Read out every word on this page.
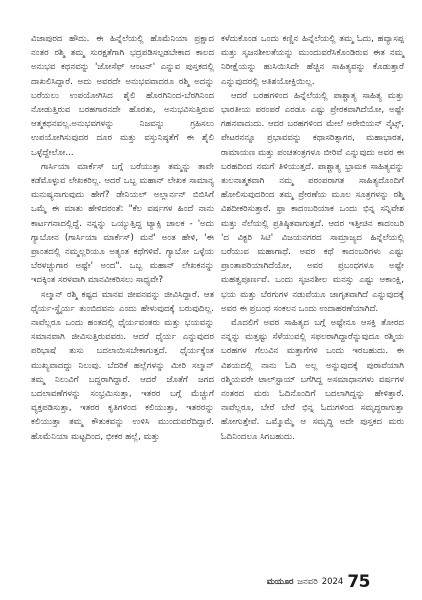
ವಿಜಾಪುರದ ಹೌದು. ಈ ಹಿನ್ನೆಲೆಯಲ್ಲಿ ಹೊಮೆನಿಯಾ ಪ್ರಕ್ಷಾದ ನಂತರ ರಶ್ಮಿ ತಮ್ಮ ಸುರಕ್ಷತೆಗಾಗಿ ಭದ್ರಪಡಿಸಲ್ಪಡಬೇಕಾದ ಕಾಲದ ಅನುಭವ ಕಥನವನ್ನು 'ಜೋಸೆಫ್ ಆಂಟನ್' ಎನ್ನುವ ಪುಸ್ತಕದಲ್ಲಿ ದಾಖಲಿಸಿದ್ದಾರೆ. ಅದು ಅವರದೇ ಅನುಭವವಾದರೂ ರಶ್ಮಿ ಅದನ್ನು ಬರೆಯಲು ಉಪಯೋಗಿಸಿದ ಶೈಲಿ ಹೊರಗಿನಿಂದ-ಬೆರಗಿನಿಂದ ನೋಡುತ್ತಿರುವ ಬರಹಗಾರನದೇ ಹೊರತು, ಅನುಭವಿಸುತ್ತಿರುವ ಆತ್ಮಕಥನವಲ್ಲ.ಅನುಭವಗಳನ್ನು ನಿಜವನ್ನು ಗ್ರಹಿಸಲು ಉಪಯೋಗಿಸುವುದರ ದೂರ ಮತ್ತು ವಸ್ತುನಿಷ್ಠತೆಗೆ ಈ ಶೈಲಿ ಒಳ್ಳೆದ್ದೇಲೋ...

ಗಾರ್ಸಿಯಾ ಮಾರ್ಕೆಸ್ ಬಗ್ಗೆ ಬರೆಯುತ್ತಾ ತಮ್ಮನ್ನು ತಾವೇ ಕಡೆಮೊಳ್ಳುವ ಲೇಖಕರಿಲ್ಲ. ಆದರೆ ಒಬ್ಬ ಮಹಾನ್ ಲೇಖಕ ಸಾಮಾನ್ಯ ಮನುಷ್ಯನಾಗುವುದು ಹೇಗೆ? ಡೇನಿಯಲ್ ಅಲ್ಲಾರ್ನನ್ ಬಿಬಿಸಿಗೆ ಒಮ್ಮೆ ಈ ಮಾತು ಹೇಳಿದರಂತೆ: "ಕೆಲ ವರ್ಷಗಳ ಹಿಂದೆ ನಾನು ಕಾರ್ಟಗನಾದಲ್ಲಿದ್ದೆ. ನನ್ನನ್ನು ಒಯ್ಯುತ್ತಿದ್ದ ಟ್ಯಾಕ್ಸಿ ಚಾಲಕ - 'ಅದು ಗ್ಯಾಬೋನ (ಗಾರ್ಸಿಯಾ ಮಾರ್ಕೆಸ್) ಮನೆ' ಅಂತ ಹೇಳಿ, 'ಈ ಪ್ರಾಂತದಲ್ಲಿ ನಮ್ಮಲ್ಲರಿಯೂ ಅತ್ಯಂತ ಕಥೆಗಳಿವೆ. ಗ್ಯಾಬೋ ಒಳ್ಳೆಯ ಬೆರಳಚ್ಚುಗಾರ ಅಷ್ಟೇ' ಅಂದ". ಒಬ್ಬ ಮಹಾನ್ ಲೇಖಕನನ್ನು ಇದಕ್ಕಿಂತ ಸರಳವಾಗಿ ಮಾನವೀಕರಿಸಲು ಸಾಧ್ಯವೇ?

ಸಲ್ಮಾನ್ ರಶ್ಮಿ ಕಷ್ಟದ ಮಾನವ ಜೀವನವನ್ನು ಜೀವಿಸಿದ್ದಾರೆ. ಆತ ಧೈರ್ಯ-ಸ್ಥೈರ್ಯ ತುಂಬಿದವನು ಎಂದು ಹೇಳುವುದಕ್ಕೆ ಬರುವುದಿಲ್ಲ. ನಾವೆಲ್ಲರೂ ಒಂದು ಹಂತದಲ್ಲಿ ಧೈರ್ಯವಂತರು ಮತ್ತು ಭಯವನ್ನು ಸಮಾನವಾಗಿ ಜೀವಿಸುತ್ತಿರುವವರು. ಆದರೆ ಧೈರ್ಯ ಎನ್ನುವುದರ ಪರಿಭಾಷೆ ತುಸು ಬದಲಾಯಿಸಬೇಕಾಗುತ್ತದೆ. ಧೈರ್ಯಕ್ಕೆಂತ ಮುಖ್ಯವಾದದ್ದು ನಿಲುವು. ಬೆದರಿಕೆ ಹಲ್ಲೆಗಳನ್ನು ಮೀರಿ ಸಲ್ಮಾನ್ ತಮ್ಮ ನಿಲುವಿಗೆ ಬದ್ಧರಾಗಿದ್ದಾರೆ. ಆದರೆ ಜೊತೆಗೆ ಜಗದ ಬದಲಾವಣೆಗಳನ್ನು ಸಂಭ್ರಮಿಸುತ್ತಾ, ಇತರರ ಬಗ್ಗೆ ಮೆಚ್ಚುಗೆ ವ್ಯಕ್ತಪಡಿಸುತ್ತಾ, ಇತರರ ಕೃತಿಗಳಿಂದ ಕಲಿಯುತ್ತಾ, ಇತರರನ್ನು ಕಲಿಯುತ್ತಾ ತಮ್ಮ ಕೌತುಕವನ್ನು ಉಳಿಸಿ ಮುಂದುವರೆದಿದ್ದಾರೆ. ಹೊಮೆನಿಯಾ ಮಟ್ಟದಿಂದ, ಭೀಕರ ಹಲ್ಲೆ, ಮತ್ತು

ಕಳೆದುಕೊಂಡ ಒಂದು ಕಣ್ಣಿನ ಹಿನ್ನೆಲೆಯಲ್ಲಿ ತಮ್ಮ ಓದು, ಹವ್ಯಾಸಪ್ಪ ಮತ್ತು ಸೃಜನಶೀಲತೆಯನ್ನು ಮುಂದುವರೆಸಿಕೊಂಡಿರುವ ಈತ ನಮ್ಮ ನಿರೀಕ್ಷೆಯನ್ನು ಹುಸಿಯಿಸಿದೇ ಹೆಚ್ಚಿನ ಸಾಹಿತ್ಯವನ್ನು ಕೊಡುತ್ತಾರೆ ಎನ್ನುವುದರಲ್ಲಿ ಅತಿಶಯೋಕ್ತಿಯಿಲ್ಲ.

ಆದರೆ ಬರಹಗಳಿಂದ ಹಿನ್ನೆಲೆಯಲ್ಲಿ ಪಾಶ್ಚಾತ್ಯ ಸಾಹಿತ್ಯ ಮತ್ತು ಭಾರತೀಯ ಪರಂಪರೆ ಎರಡೂ ಎಷ್ಟು ಪ್ರೇರಕವಾಗಿದೆಯೋ, ಅಷ್ಟೇ ಗಹನವಾದುದು. ಆದರ ಬರಹಗಳಿಂದ ಮೇಲೆ ಅರೇಬಿಯನ್ ನೈಟ್ಸ್, ಪೇಟರನನ್ನೂ ಪ್ರಭಾವವನ್ನು ಕಥಾಸರಿತ್ಸಾಗರ, ಮಹಾಭಾರತ, ರಾಮಾಯಣ ಮತ್ತು ಪಂಚತಂತ್ರಗಳೂ ಬೀರಿವೆ ಎನ್ನುವುದು ಅವರ ಈ ಬರಹದಿಂದ ನಮಗೆ ತಿಳಿಯುತ್ತದೆ. ಪಾಶ್ಚಾತ್ಯ ಭ್ರಾಮಕ ಸಾಹಿತ್ಯವನ್ನು ತುಲನಾತ್ಮಕವಾಗಿ ನಮ್ಮ ಪರಂಪರಾಗತ ಸಾಹಿತ್ಯದೊಂದಿಗೆ ಹೋಲಿಸುವುದರಿಂದ ತಮ್ಮ ಪ್ರೇರಣೆಯ ಮೂಲ ಸೂತ್ರಗಳನ್ನು ರಶ್ಮಿ ವಿಶದೀಕರಿಸುತ್ತಾರೆ. ಫ್ರಾ ಕಾದಂಬರಿಯಾಕ ಒಂದು ಭಿನ್ನ ಸನ್ನಿವೇಶ ಮತ್ತು ನೆಲೆಯಲ್ಲಿ ಪ್ರತಿಷ್ಠಿತವಾಗುತ್ತದೆ. ಆದರ ಇತ್ತೀಚಿನ ಕಾದಂಬರಿ 'ದ ವಿಕ್ಟರಿ ಸಿಟಿ' ವಿಜಯನಗರದ ಸಾಮ್ರಾಜ್ಯದ ಹಿನ್ನೆಲೆಯಲ್ಲಿ ಬರೆಯುವ ಮಹಾಗಾಥೆ. ಅವರ ಕಥೆ ಕಾದಂಬರಿಗಳು ಎಷ್ಟು ಪ್ರಾಂತಾಪರಿಯಾಗಿದೆಯೋ, ಅವರ ಪ್ರಬಂಧಗಳೂ ಅಷ್ಟೇ ಮಹತ್ವಪೂರ್ಣವೆ. ಒಂದು ಸೃಜನಶೀಲ ಮನಸ್ಸು ಎಷ್ಟು ಆಕಾಂಕ್ಷಿ, ಭಯ ಮತ್ತು ಬೆರಗುಗಳ ನಡುವೆಯೂ ಜಾಗೃತವಾಗಿದೆ ಎನ್ನುವುದಕ್ಕೆ ಅವರ ಈ ಪ್ರಬಂಧ ಸಂಕಲನ ಒಂದು ಉದಾಹರಣೆಯಾಗಿದೆ.

ಮೊದಲಿಗೆ ಅವರ ಸಾಹಿತ್ಯದ ಬಗ್ಗೆ ಅಷ್ಟೇನೂ ಆಸಕ್ತಿ ತೋರದ ನನ್ನನ್ನು ಮತ್ತಷ್ಟು ಸೆಳೆಯುವಲ್ಲಿ ಸಫಲರಾಗಿದ್ದಾರೆನ್ನುವುದೂ ರಶ್ಮಿಯ ಬರಹಗಳ ಗೆಲುವಿನ ಮತ್ತಾಗೆಗಳಿ ಒಂದು ಇರಬಹುದು. ಈ ವಿಶಯದಲ್ಲಿ ನಾನು ಓದಿ ಅಲ್ಲ ಅನ್ನುವುದಕ್ಕೆ ಪುರಾವೆಯಾಗಿ ರಶ್ಮಿಯವರೇ ಟಾಲ್‌ಸ್ಟಾಯ್ ಬಗೆಗಿದ್ದ ಅಸಮಾಧಾನಗಳು ವರ್ಷಗಳ ನಂತರದ ಮರು ಓದಿನೊಂದಿಗೆ ಬದಲಾಗಿದ್ದನ್ನು ಹೇಳಿತ್ತಾರೆ. ನಾವೆಲ್ಲರೂ, ಬೇರೆ ಬೇರೆ ಭಿನ್ನ ಓದುಗಳಿಂದ ಸಮೃದ್ಧರಾಗುತ್ತಾ ಹೋಗುತ್ತೇವೆ. ಒಮ್ಮೊಮ್ಮೆ ಆ ಸಮೃದ್ಧಿ ಅದೇ ಪುಸ್ತಕದ ಮರು ಓದಿನಿಂದಲೂ ಸಿಗಬಹುದು.

ಮಯೂರ ಜನವರಿ 2024 75
